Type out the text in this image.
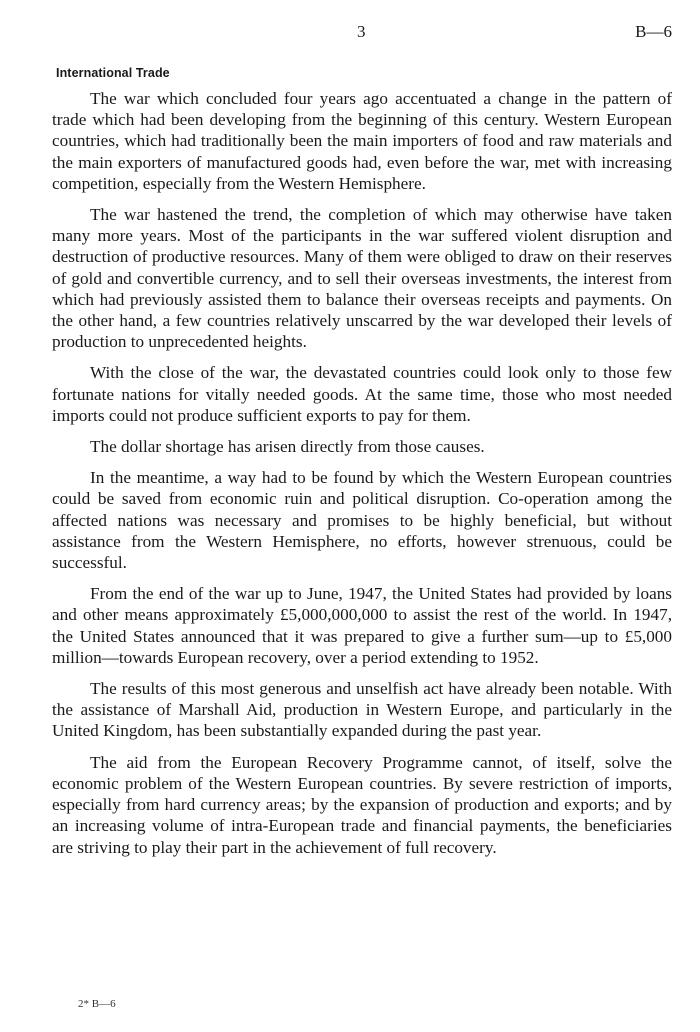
3	B—6
International Trade

The war which concluded four years ago accentuated a change in the pattern of trade which had been developing from the beginning of this century. Western European countries, which had traditionally been the main importers of food and raw materials and the main exporters of manufactured goods had, even before the war, met with increasing competition, especially from the Western Hemisphere.

The war hastened the trend, the completion of which may otherwise have taken many more years. Most of the participants in the war suffered violent disruption and destruction of productive resources. Many of them were obliged to draw on their reserves of gold and convertible currency, and to sell their overseas investments, the interest from which had previously assisted them to balance their overseas receipts and payments. On the other hand, a few countries relatively unscarred by the war developed their levels of production to unprecedented heights.

With the close of the war, the devastated countries could look only to those few fortunate nations for vitally needed goods. At the same time, those who most needed imports could not produce sufficient exports to pay for them.

The dollar shortage has arisen directly from those causes.

In the meantime, a way had to be found by which the Western European countries could be saved from economic ruin and political disruption. Co-operation among the affected nations was necessary and promises to be highly beneficial, but without assistance from the Western Hemisphere, no efforts, however strenuous, could be successful.

From the end of the war up to June, 1947, the United States had provided by loans and other means approximately £5,000,000,000 to assist the rest of the world. In 1947, the United States announced that it was prepared to give a further sum—up to £5,000 million—towards European recovery, over a period extending to 1952.

The results of this most generous and unselfish act have already been notable. With the assistance of Marshall Aid, production in Western Europe, and particularly in the United Kingdom, has been substantially expanded during the past year.

The aid from the European Recovery Programme cannot, of itself, solve the economic problem of the Western European countries. By severe restriction of imports, especially from hard currency areas; by the expansion of production and exports; and by an increasing volume of intra-European trade and financial payments, the beneficiaries are striving to play their part in the achievement of full recovery.

2* B—6
